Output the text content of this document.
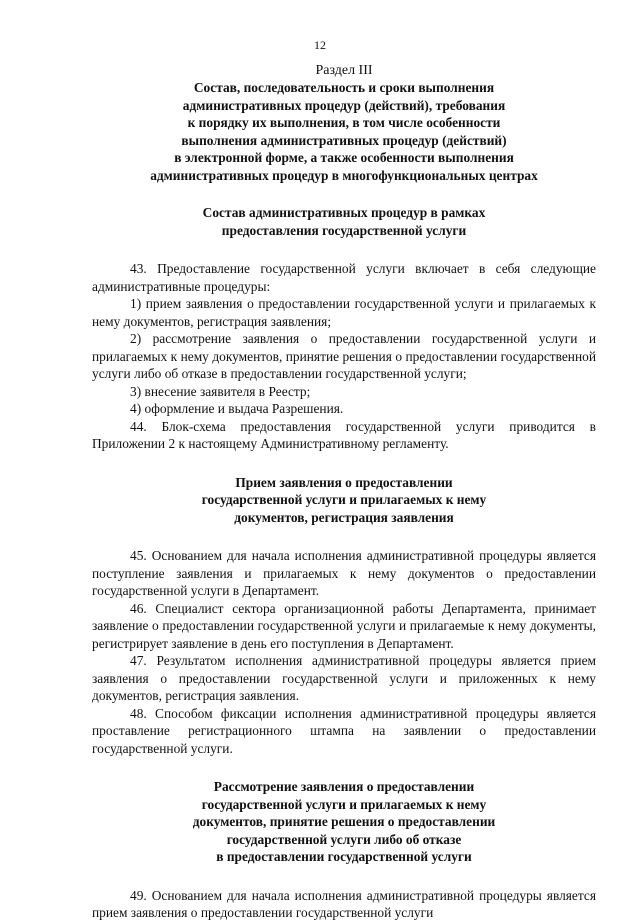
12

Раздел III

Состав, последовательность и сроки выполнения
административных процедур (действий), требования
к порядку их выполнения, в том числе особенности
выполнения административных процедур (действий)
в электронной форме, а также особенности выполнения
административных процедур в многофункциональных центрах
Состав административных процедур в рамках
предоставления государственной услуги

43. Предоставление государственной услуги включает в себя следующие административные процедуры:

1) прием заявления о предоставлении государственной услуги и прилагаемых к нему документов, регистрация заявления;

2) рассмотрение заявления о предоставлении государственной услуги и прилагаемых к нему документов, принятие решения о предоставлении государственной услуги либо об отказе в предоставлении государственной услуги;

3) внесение заявителя в Реестр;

4) оформление и выдача Разрешения.

44. Блок-схема предоставления государственной услуги приводится в Приложении 2 к настоящему Административному регламенту.

Прием заявления о предоставлении
государственной услуги и прилагаемых к нему
документов, регистрация заявления

45. Основанием для начала исполнения административной процедуры является поступление заявления и прилагаемых к нему документов о предоставлении государственной услуги в Департамент.

46. Специалист сектора организационной работы Департамента, принимает заявление о предоставлении государственной услуги и прилагаемые к нему документы, регистрирует заявление в день его поступления в Департамент.

47. Результатом исполнения административной процедуры является прием заявления о предоставлении государственной услуги и приложенных к нему документов, регистрация заявления.

48. Способом фиксации исполнения административной процедуры является проставление регистрационного штампа на заявлении о предоставлении государственной услуги.

Рассмотрение заявления о предоставлении
государственной услуги и прилагаемых к нему
документов, принятие решения о предоставлении
государственной услуги либо об отказе
в предоставлении государственной услуги

49. Основанием для начала исполнения административной процедуры является прием заявления о предоставлении государственной услуги
